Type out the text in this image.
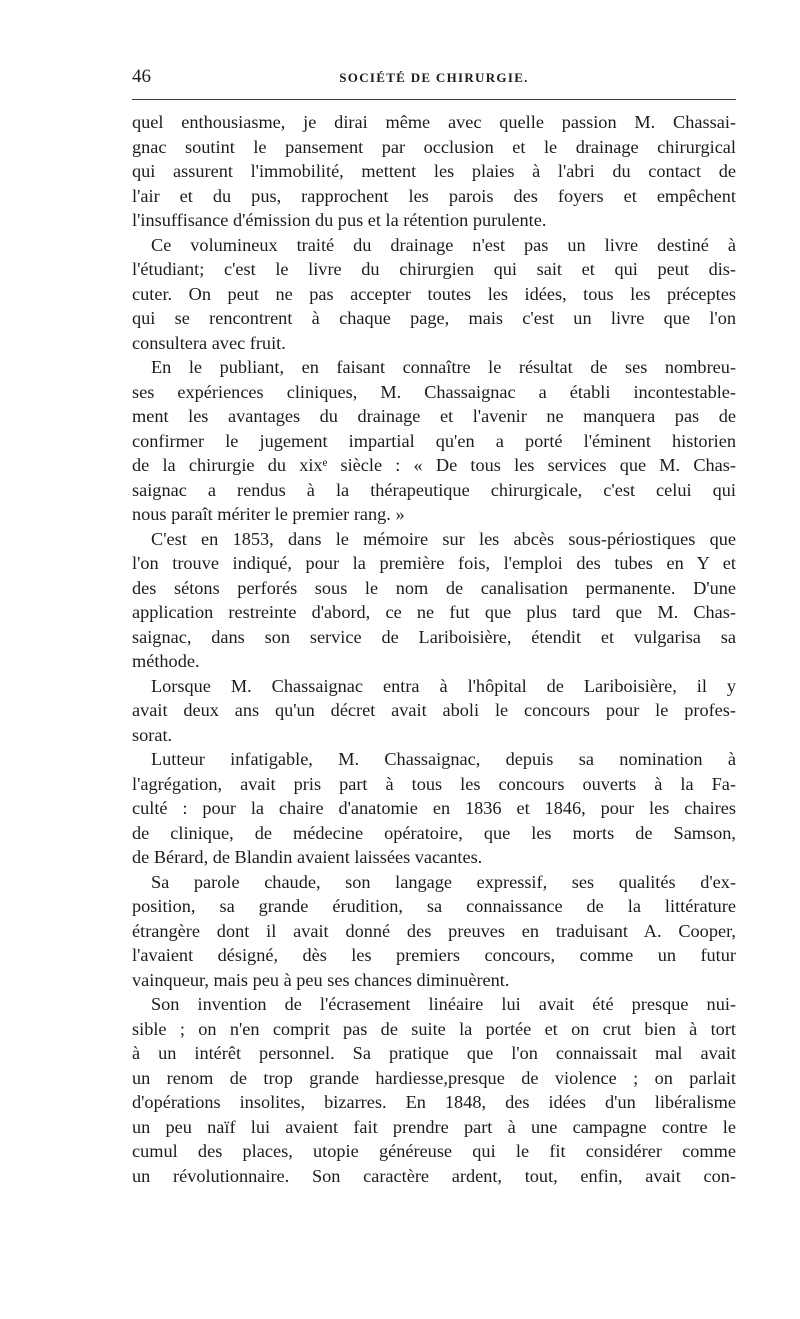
46	SOCIÉTÉ DE CHIRURGIE.
quel enthousiasme, je dirai même avec quelle passion M. Chassai-
gnac soutint le pansement par occlusion et le drainage chirurgical
qui assurent l'immobilité, mettent les plaies à l'abri du contact de
l'air et du pus, rapprochent les parois des foyers et empêchent
l'insuffisance d'émission du pus et la rétention purulente.
Ce volumineux traité du drainage n'est pas un livre destiné à
l'étudiant; c'est le livre du chirurgien qui sait et qui peut dis-
cuter. On peut ne pas accepter toutes les idées, tous les préceptes
qui se rencontrent à chaque page, mais c'est un livre que l'on
consultera avec fruit.
En le publiant, en faisant connaître le résultat de ses nombreu-
ses expériences cliniques, M. Chassaignac a établi incontestable-
ment les avantages du drainage et l'avenir ne manquera pas de
confirmer le jugement impartial qu'en a porté l'éminent historien
de la chirurgie du xixᵉ siècle : « De tous les services que M. Chas-
saignac a rendus à la thérapeutique chirurgicale, c'est celui qui
nous paraît mériter le premier rang. »
C'est en 1853, dans le mémoire sur les abcès sous-périostiques que
l'on trouve indiqué, pour la première fois, l'emploi des tubes en Y et
des sétons perforés sous le nom de canalisation permanente. D'une
application restreinte d'abord, ce ne fut que plus tard que M. Chas-
saignac, dans son service de Lariboisière, étendit et vulgarisa sa
méthode.
Lorsque M. Chassaignac entra à l'hôpital de Lariboisière, il y
avait deux ans qu'un décret avait aboli le concours pour le profes-
sorat.
Lutteur infatigable, M. Chassaignac, depuis sa nomination à
l'agrégation, avait pris part à tous les concours ouverts à la Fa-
culté : pour la chaire d'anatomie en 1836 et 1846, pour les chaires
de clinique, de médecine opératoire, que les morts de Samson,
de Bérard, de Blandin avaient laissées vacantes.
Sa parole chaude, son langage expressif, ses qualités d'ex-
position, sa grande érudition, sa connaissance de la littérature
étrangère dont il avait donné des preuves en traduisant A. Cooper,
l'avaient désigné, dès les premiers concours, comme un futur
vainqueur, mais peu à peu ses chances diminuèrent.
Son invention de l'écrasement linéaire lui avait été presque nui-
sible ; on n'en comprit pas de suite la portée et on crut bien à tort
à un intérêt personnel. Sa pratique que l'on connaissait mal avait
un renom de trop grande hardiesse,presque de violence ; on parlait
d'opérations insolites, bizarres. En 1848, des idées d'un libéralisme
un peu naïf lui avaient fait prendre part à une campagne contre le
cumul des places, utopie généreuse qui le fit considérer comme
un révolutionnaire. Son caractère ardent, tout, enfin, avait con-
